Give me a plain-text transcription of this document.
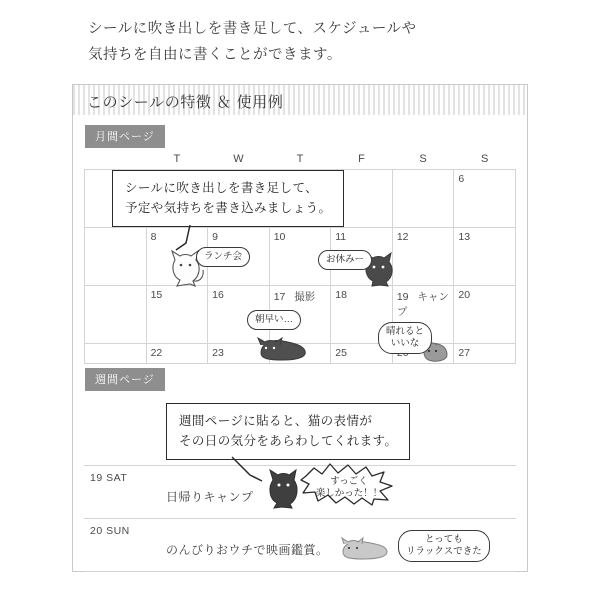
シールに吹き出しを書き足して、スケジュールや
気持ちを自由に書くことができます。
このシールの特徴 ＆ 使用例
月間ページ
	T	W	T	F	S	S
						6
	8	9	10	11	12	13
	15	16	17 撮影	18	19 キャンプ	20
	22	23		25		27
週間ページ
19 SAT
日帰りキャンプ
20 SUN
のんびりおウチで映画鑑賞。
シールに吹き出しを書き足して、
予定や気持ちを書き込みましょう。
週間ページに貼ると、猫の表情が
その日の気分をあらわしてくれます。
ランチ会	お休みー
朝早い…
晴れると
いいな
とっても
リラックスできた
すっごく
楽しかった！！
